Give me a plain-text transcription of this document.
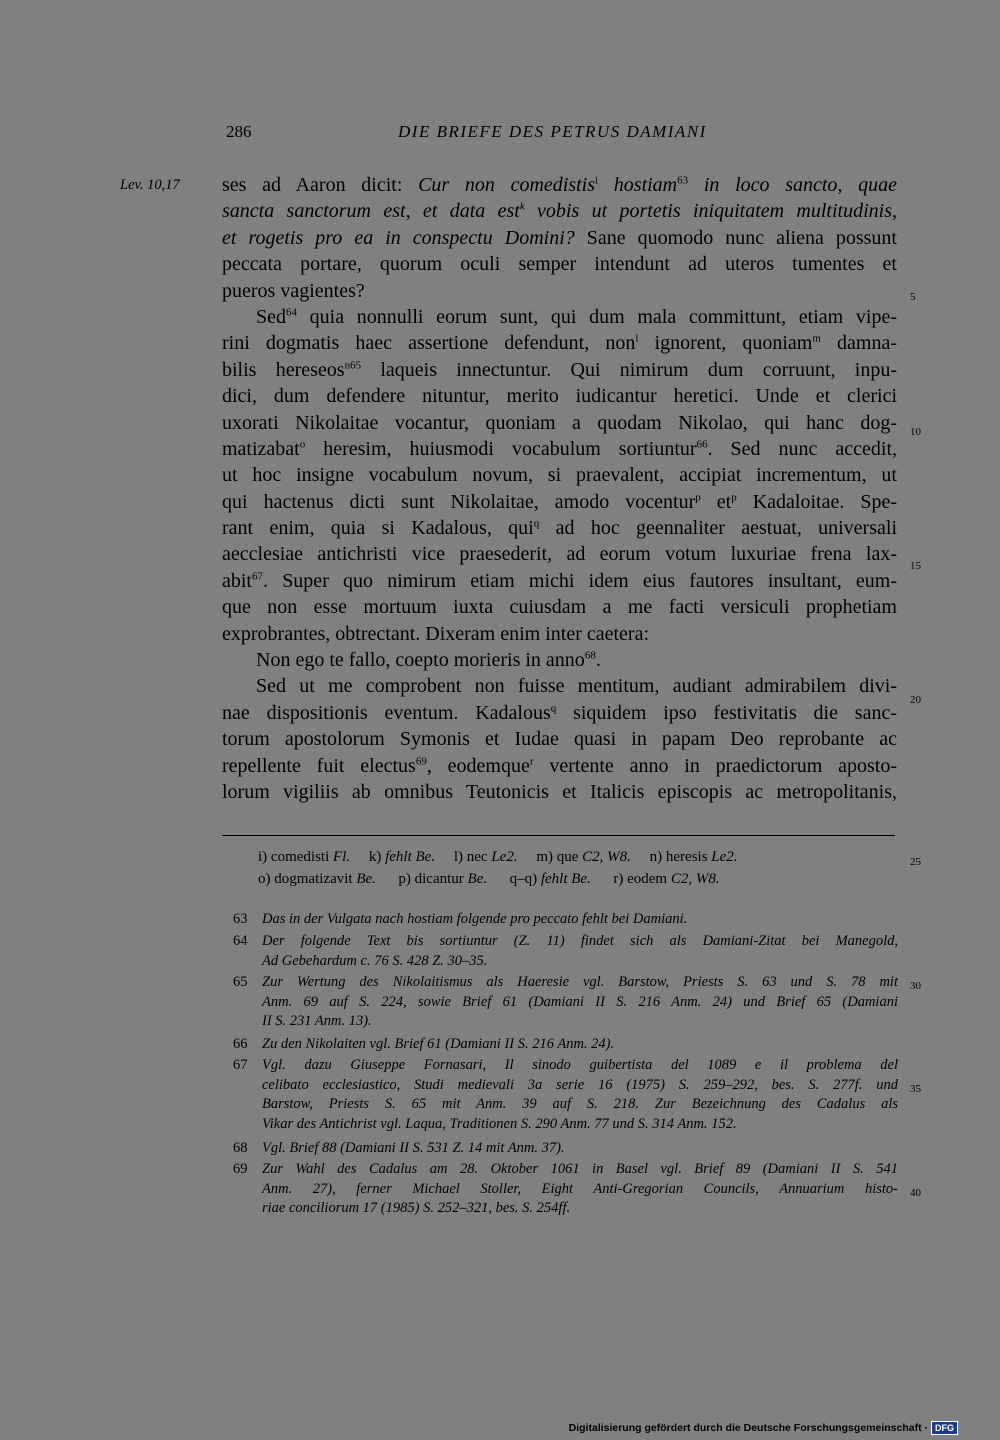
286	DIE BRIEFE DES PETRUS DAMIANI
Lev. 10,17
5
10
15
20
25
30
35
40
ses ad Aaron dicit: Cur non comedistis$^i$ hostiam$^{63}$ in loco sancto, quae
sancta sanctorum est, et data est$^k$ vobis ut portetis iniquitatem multitudinis,
et rogetis pro ea in conspectu Domini? Sane quomodo nunc aliena possunt
peccata portare, quorum oculi semper intendunt ad uteros tumentes et
pueros vagientes?
Sed$^{64}$ quia nonnulli eorum sunt, qui dum mala committunt, etiam vipe-
rini dogmatis haec assertione defendunt, non$^l$ ignorent, quoniam$^m$ damna-
bilis hereseos$^{n65}$ laqueis innectuntur. Qui nimirum dum corruunt, inpu-
dici, dum defendere nituntur, merito iudicantur heretici. Unde et clerici
uxorati Nikolaitae vocantur, quoniam a quodam Nikolao, qui hanc dog-
matizabat$^o$ heresim, huiusmodi vocabulum sortiuntur$^{66}$. Sed nunc accedit,
ut hoc insigne vocabulum novum, si praevalent, accipiat incrementum, ut
qui hactenus dicti sunt Nikolaitae, amodo vocentur$^p$ $et^p$ Kadaloitae. Spe-
rant enim, quia si Kadalous, qui$^q$ ad hoc geennaliter aestuat, universali
aecclesiae antichristi vice praesederit, ad eorum votum luxuriae frena lax-
abit$^{67}$. Super quo nimirum etiam michi idem eius fautores insultant, eum-
que non esse mortuum iuxta cuiusdam a me facti versiculi prophetiam
exprobrantes, obtrectant. Dixeram enim inter caetera:
Non ego te fallo, coepto morieris in anno$^{68}$.
Sed ut me comprobent non fuisse mentitum, audiant admirabilem divi-
nae dispositionis eventum. Kadalous$^q$ siquidem ipso festivitatis die sanc-
torum apostolorum Symonis et Iudae quasi in papam Deo reprobante ac
repellente fuit electus$^{69}$, eodemque$^r$ vertente anno in praedictorum aposto-
lorum vigiliis ab omnibus Teutonicis et Italicis episcopis ac metropolitanis,
i) comedisti Fl. k) fehlt Be. l) nec Le2. m) que C2, W8. n) heresis Le2.
o) dogmatizavit Be. p) dicantur Be. q–q) fehlt Be. r) eodem C2, W8.
63 Das in der Vulgata nach hostiam folgende pro peccato fehlt bei Damiani.
64 Der folgende Text bis sortiuntur (Z. 11) findet sich als Damiani-Zitat bei Manegold,
Ad Gebehardum c. 76 S. 428 Z. 30–35.
65 Zur Wertung des Nikolaitismus als Haeresie vgl. Barstow, Priests S. 63 und S. 78 mit
Anm. 69 auf S. 224, sowie Brief 61 (Damiani II S. 216 Anm. 24) und Brief 65 (Damiani
II S. 231 Anm. 13).
66 Zu den Nikolaiten vgl. Brief 61 (Damiani II S. 216 Anm. 24).
67 Vgl. dazu Giuseppe Fornasari, Il sinodo guibertista del 1089 e il problema del
celibato ecclesiastico, Studi medievali 3a serie 16 (1975) S. 259–292, bes. S. 277f. und
Barstow, Priests S. 65 mit Anm. 39 auf S. 218. Zur Bezeichnung des Cadalus als
Vikar des Antichrist vgl. Laqua, Traditionen S. 290 Anm. 77 und S. 314 Anm. 152.
68 Vgl. Brief 88 (Damiani II S. 531 Z. 14 mit Anm. 37).
69 Zur Wahl des Cadalus am 28. Oktober 1061 in Basel vgl. Brief 89 (Damiani II S. 541
Anm. 27), ferner Michael Stoller, Eight Anti-Gregorian Councils, Annuarium histo-
riae conciliorum 17 (1985) S. 252–321, bes. S. 254ff.
Digitalisierung gefördert durch die Deutsche Forschungsgemeinschaft · DFG
